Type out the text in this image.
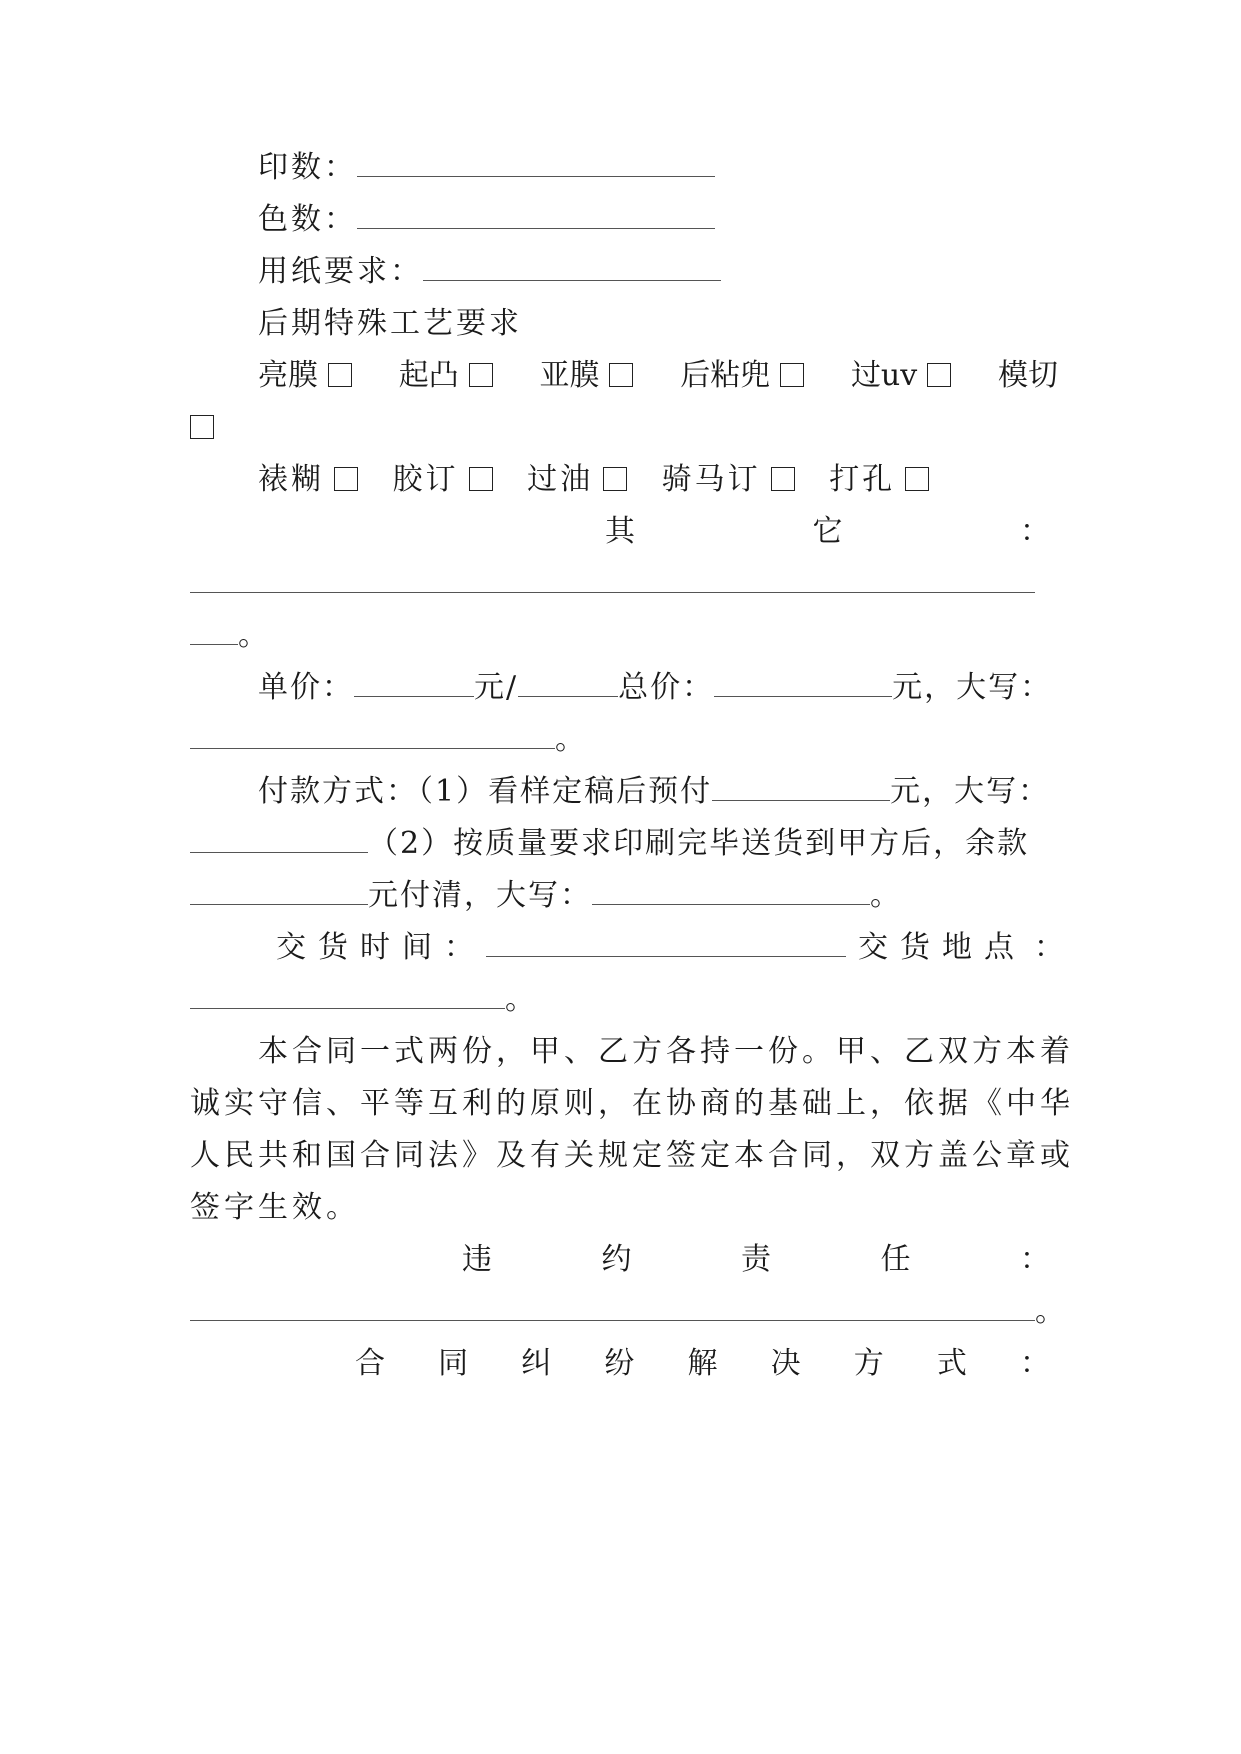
印数：
色数：
用纸要求：
后期特殊工艺要求
亮膜	起凸	亚膜	后粘兜	过uv	模切
裱糊 胶订 过油 骑马订 打孔
其	它	：
。
单价：	元/	总价：	元，大写：
。
付款方式：（1）看样定稿后预付	元，大写：
（2）按质量要求印刷完毕送货到甲方后，余款
元付清，大写：	。
交 货 时 间 ：	交 货 地 点 ：
。
本合同一式两份，甲、乙方各持一份。甲、乙双方本着
诚实守信、平等互利的原则，在协商的基础上，依据《中华
人民共和国合同法》及有关规定签定本合同，双方盖公章或
签字生效。
违	约	责	任	：
。
合 同 纠 纷 解 决 方 式 ：
